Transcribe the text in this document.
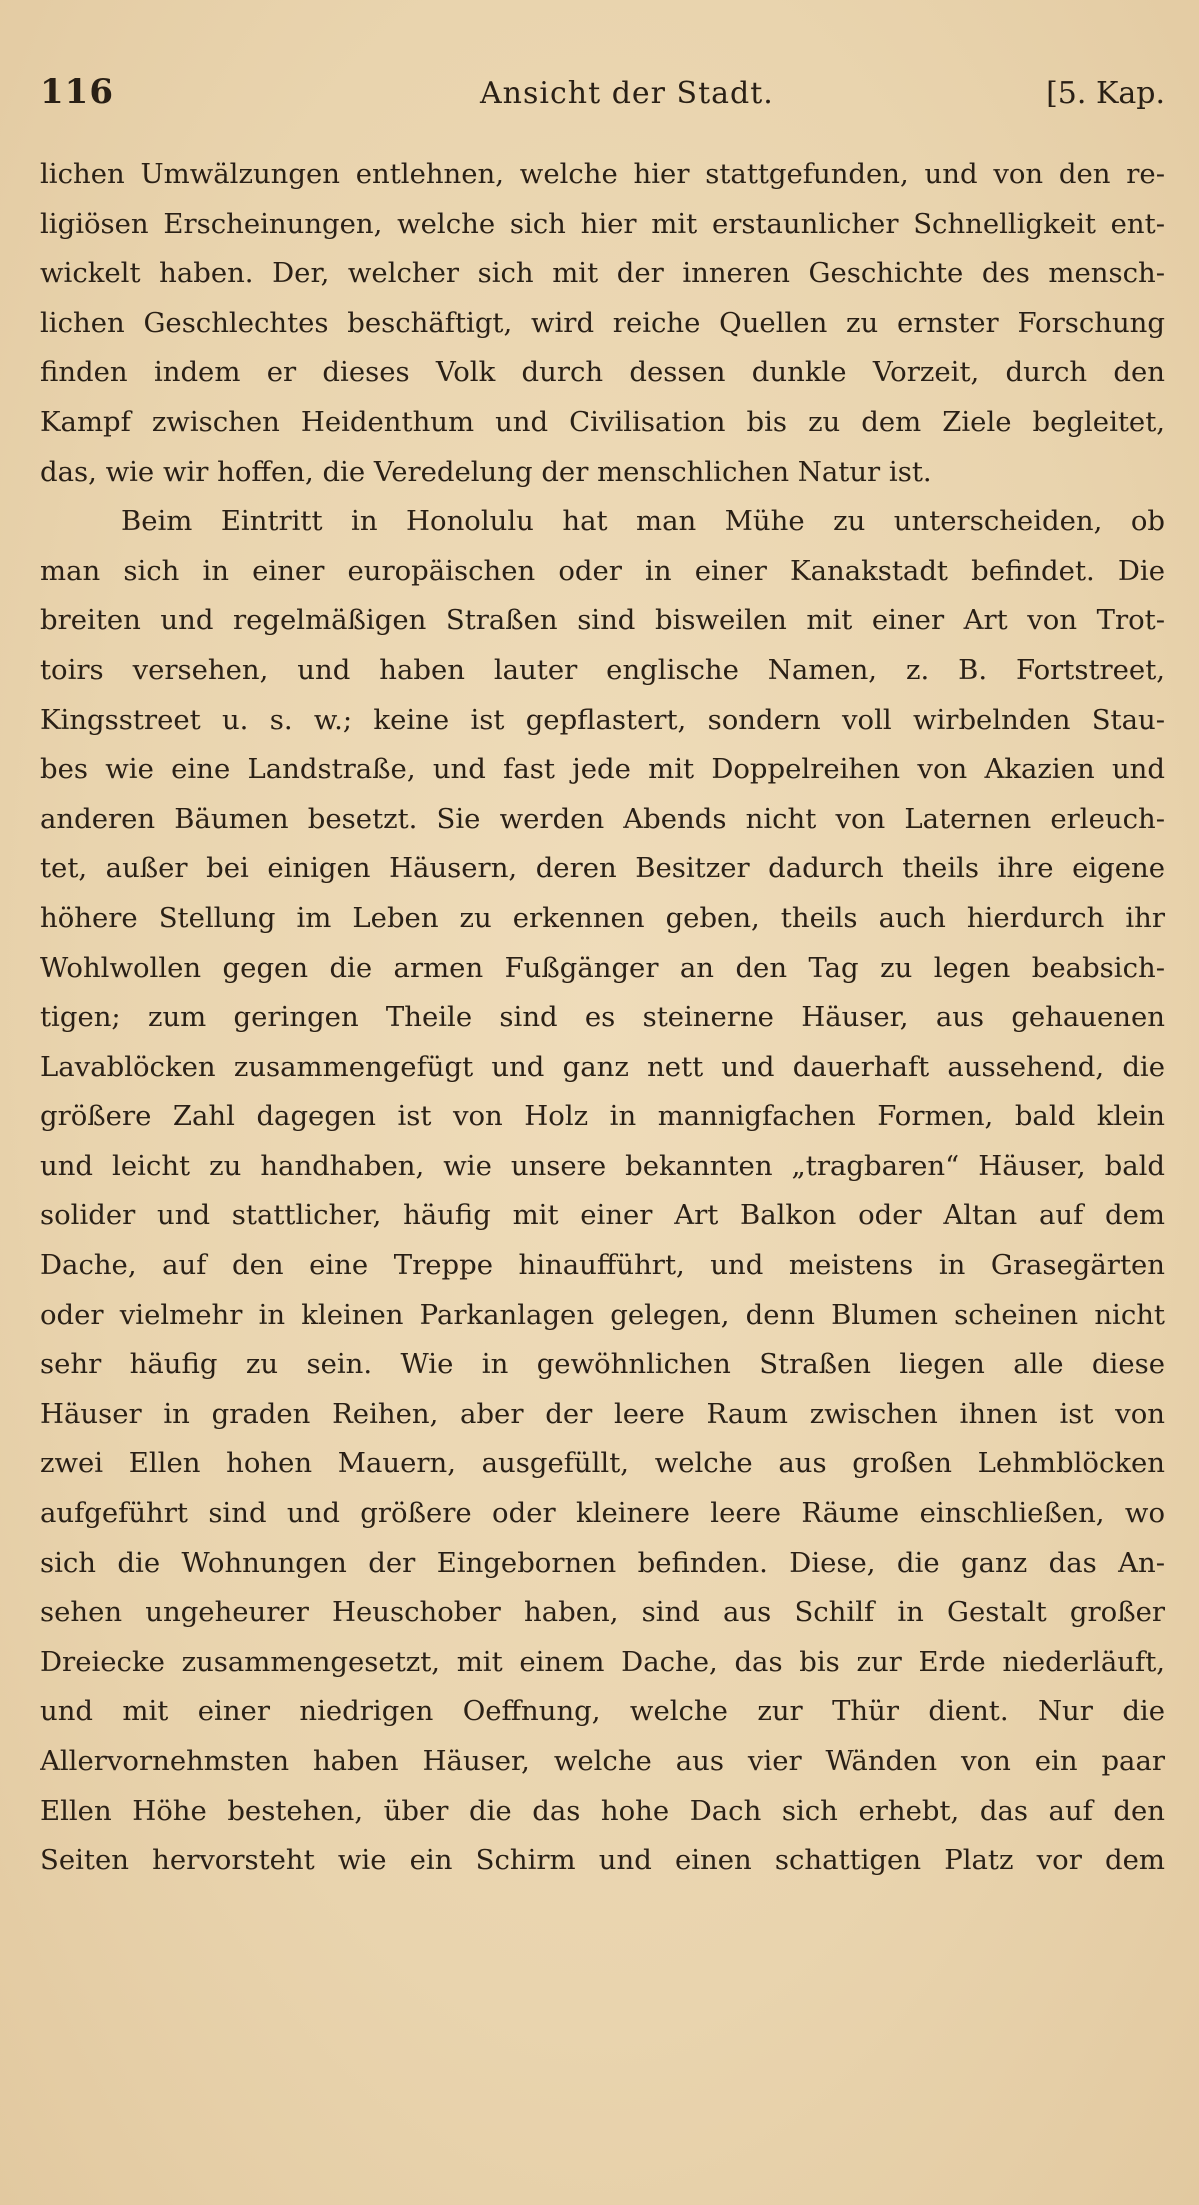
116	Ansicht der Stadt.	[5. Kap.
lichen Umwälzungen entlehnen, welche hier stattgefunden, und von den re-
ligiösen Erscheinungen, welche sich hier mit erstaunlicher Schnelligkeit ent-
wickelt haben. Der, welcher sich mit der inneren Geschichte des mensch-
lichen Geschlechtes beschäftigt, wird reiche Quellen zu ernster Forschung
finden indem er dieses Volk durch dessen dunkle Vorzeit, durch den
Kampf zwischen Heidenthum und Civilisation bis zu dem Ziele begleitet,
das, wie wir hoffen, die Veredelung der menschlichen Natur ist.
Beim Eintritt in Honolulu hat man Mühe zu unterscheiden, ob
man sich in einer europäischen oder in einer Kanakstadt befindet. Die
breiten und regelmäßigen Straßen sind bisweilen mit einer Art von Trot-
toirs versehen, und haben lauter englische Namen, z. B. Fortstreet,
Kingsstreet u. s. w.; keine ist gepflastert, sondern voll wirbelnden Stau-
bes wie eine Landstraße, und fast jede mit Doppelreihen von Akazien und
anderen Bäumen besetzt. Sie werden Abends nicht von Laternen erleuch-
tet, außer bei einigen Häusern, deren Besitzer dadurch theils ihre eigene
höhere Stellung im Leben zu erkennen geben, theils auch hierdurch ihr
Wohlwollen gegen die armen Fußgänger an den Tag zu legen beabsich-
tigen; zum geringen Theile sind es steinerne Häuser, aus gehauenen
Lavablöcken zusammengefügt und ganz nett und dauerhaft aussehend, die
größere Zahl dagegen ist von Holz in mannigfachen Formen, bald klein
und leicht zu handhaben, wie unsere bekannten „tragbaren“ Häuser, bald
solider und stattlicher, häufig mit einer Art Balkon oder Altan auf dem
Dache, auf den eine Treppe hinaufführt, und meistens in Grasegärten
oder vielmehr in kleinen Parkanlagen gelegen, denn Blumen scheinen nicht
sehr häufig zu sein. Wie in gewöhnlichen Straßen liegen alle diese
Häuser in graden Reihen, aber der leere Raum zwischen ihnen ist von
zwei Ellen hohen Mauern, ausgefüllt, welche aus großen Lehmblöcken
aufgeführt sind und größere oder kleinere leere Räume einschließen, wo
sich die Wohnungen der Eingebornen befinden. Diese, die ganz das An-
sehen ungeheurer Heuschober haben, sind aus Schilf in Gestalt großer
Dreiecke zusammengesetzt, mit einem Dache, das bis zur Erde niederläuft,
und mit einer niedrigen Oeffnung, welche zur Thür dient. Nur die
Allervornehmsten haben Häuser, welche aus vier Wänden von ein paar
Ellen Höhe bestehen, über die das hohe Dach sich erhebt, das auf den
Seiten hervorsteht wie ein Schirm und einen schattigen Platz vor dem
